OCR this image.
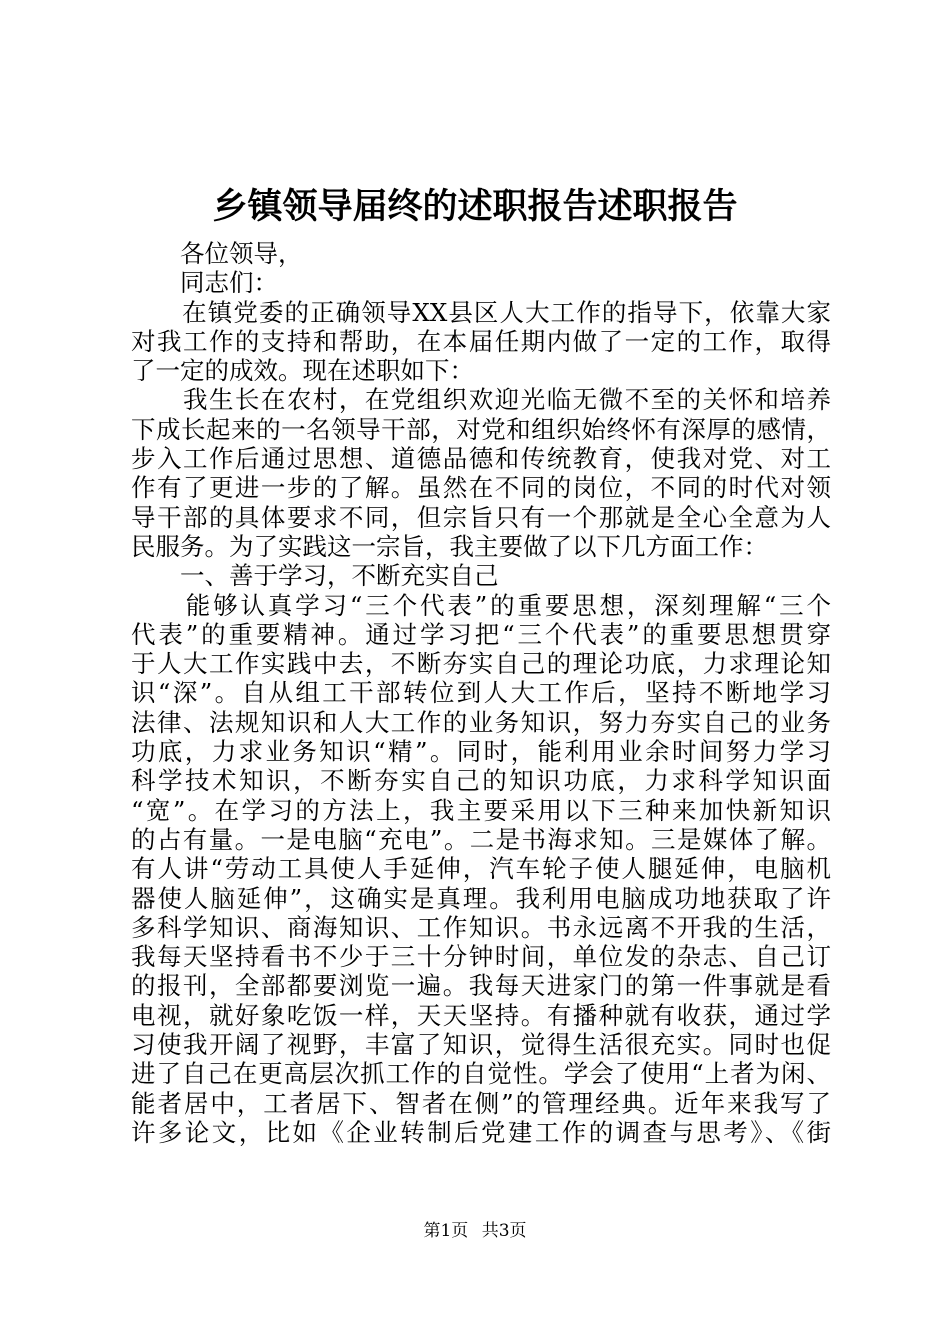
乡镇领导届终的述职报告述职报告
　　各位领导，
　　同志们：
　　在镇党委的正确领导XX县区人大工作的指导下，依靠大家
对我工作的支持和帮助，在本届任期内做了一定的工作，取得
了一定的成效。现在述职如下：
　　我生长在农村，在党组织欢迎光临无微不至的关怀和培养
下成长起来的一名领导干部，对党和组织始终怀有深厚的感情，
步入工作后通过思想、道德品德和传统教育，使我对党、对工
作有了更进一步的了解。虽然在不同的岗位，不同的时代对领
导干部的具体要求不同，但宗旨只有一个那就是全心全意为人
民服务。为了实践这一宗旨，我主要做了以下几方面工作：
　　一、善于学习，不断充实自己
　　能够认真学习“三个代表”的重要思想，深刻理解“三个
代表”的重要精神。通过学习把“三个代表”的重要思想贯穿
于人大工作实践中去，不断夯实自己的理论功底，力求理论知
识“深”。自从组工干部转位到人大工作后，坚持不断地学习
法律、法规知识和人大工作的业务知识，努力夯实自己的业务
功底，力求业务知识“精”。同时，能利用业余时间努力学习
科学技术知识，不断夯实自己的知识功底，力求科学知识面
“宽”。在学习的方法上，我主要采用以下三种来加快新知识
的占有量。一是电脑“充电”。二是书海求知。三是媒体了解。
有人讲“劳动工具使人手延伸，汽车轮子使人腿延伸，电脑机
器使人脑延伸”，这确实是真理。我利用电脑成功地获取了许
多科学知识、商海知识、工作知识。书永远离不开我的生活，
我每天坚持看书不少于三十分钟时间，单位发的杂志、自己订
的报刊，全部都要浏览一遍。我每天进家门的第一件事就是看
电视，就好象吃饭一样，天天坚持。有播种就有收获，通过学
习使我开阔了视野，丰富了知识，觉得生活很充实。同时也促
进了自己在更高层次抓工作的自觉性。学会了使用“上者为闲、
能者居中，工者居下、智者在侧”的管理经典。近年来我写了
许多论文，比如《企业转制后党建工作的调查与思考》、《街
第1页 共3页
